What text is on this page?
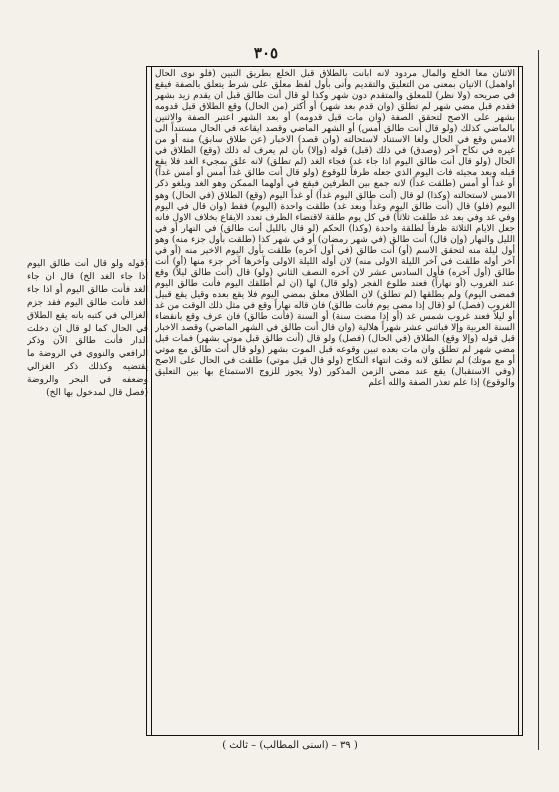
٣٠٥
(قوله ولو قال أنت طالق اليوم اذا جاء الغد الخ) قال ان جاء الغد فأنت طالق اليوم أو اذا جاء الغد فأنت طالق اليوم فقد جزم الغزالي في كتبه بانه يقع الطلاق في الحال كما لو قال ان دخلت الدار فأنت طالق الآن وذكر الرافعي والنووي في الروضة ما يقتضيه وكذلك ذكر الغزالي وضعفه في البحر والروضة (فصل قال لمدخول بها الخ)
الاثنان معاً الخلع والمال مردود لانه ابانت بالطلاق قبل الخلع بطريق التبين (فلو نوى الحال اواهمل) الاتيان بمعنى من التعليق والتقديم وأتى بأول لفظ معلق على شرط يتعلق بالصفة فيقع في صريحه (ولا نظر) للمعلق والمتقدم دون شهر وكذا لو قال أنت طالق قبل ان يقدم زيد بشهر فقدم قبل مضي شهر لم تطلق (وان قدم بعد شهر) أو أكثر (من الحال) وقع الطلاق قبل قدومه بشهر على الاصح لتحقق الصفة (وان مات قبل قدومه) أو بعد الشهر اعتبر الصفة والاثنين بالماضي كذلك (ولو قال أنت طالق أمس) أو الشهر الماضي وقصد ايقاعه في الحال مستنداً الى الامس وقع في الحال ولغا الاستناد لاستحالته (وان قصد) الاخبار (عن طلاق سابق) منه أو من غيره في نكاح آخر (وصدق) في ذلك (قبل) قوله (وإلا) بأن لم يعرف له ذلك (وقع) الطلاق في الحال (ولو قال أنت طالق اليوم اذا جاء غد) فجاء الغد (لم تطلق) لانه علق بمجيء الغد فلا يقع قبله وبعد مجيئه فات اليوم الذي جعله ظرفاً للوقوع (ولو قال أنت طالق غداً أمس أو أمس غداً) أو غداً أو أمس (طلقت غداً) لانه جمع بين الظرفين فيقع في أولهما الممكن وهو الغد ويلغو ذكر الامس لاستحالته (وكذا) لو قال (أنت طالق اليوم غداً) أو غداً اليوم (وقع) الطلاق (في الحال) وهو اليوم (فلو) قال (أنت طالق اليوم وغداً وبعد غد) طلقت واحدة (اليوم) فقط (وان قال في اليوم وفي غد وفي بعد غد طلقت ثلاثاً) في كل يوم طلقة لاقتضاء الظرف تعدد الايقاع بخلاف الاول فانه جعل الايام الثلاثة ظرفاً لطلقة واحدة (وكذا) الحكم (لو قال بالليل أنت طالق) في النهار أو في الليل والنهار (وإن قال) أنت طالق (في شهر رمضان) أو في شهر كذا (طلقت بأول جزء منه) وهو أول ليلة منه لتحقق الاسم (أو) أنت طالق (في أول آخره) طلقت بأول اليوم الاخير منه (أو في آخر أوله طلقت في آخر الليلة الاولى منه) لان أوله الليلة الاولى وآخرها آخر جزء منها (أو) أنت طالق (أول آخره) فأول السادس عشر لان آخره النصف الثاني (ولو) قال (أنت طالق ليلاً) وقع عند الغروب (أو نهاراً) فعند طلوع الفجر (ولو قال) لها (ان لم أطلقك اليوم فأنت طالق اليوم فمضى اليوم) ولم يطلقها (لم تطلق) لان الطلاق معلق بمضي اليوم فلا يقع بعده وقيل يقع قبيل الغروب (فصل) لو (قال إذا مضى يوم فأنت طالق) فان قاله نهاراً وقع في مثل ذلك الوقت من غد أو ليلاً فعند غروب شمس غد (أو إذا مضت سنة) أو السنة (فأنت طالق) فان عرف وقع بانقضاء السنة العربية وإلا فباثني عشر شهراً هلالية (وان قال أنت طالق في الشهر الماضي) وقصد الاخبار قبل قوله (وإلا وقع) الطلاق (في الحال) (فصل) ولو قال (أنت طالق قبل موتي بشهر) فمات قبل مضي شهر لم تطلق وان مات بعده تبين وقوعه قبل الموت بشهر (ولو قال أنت طالق مع موتي أو مع موتك) لم تطلق لانه وقت انتهاء النكاح (ولو قال قبل موتي) طلقت في الحال على الاصح (وفي الاستقبال) يقع عند مضي الزمن المذكور (ولا يجوز للزوج الاستمتاع بها بين التعليق والوقوع) إذا علم تعذر الصفة والله أعلم
( ٣٩ – (اسنى المطالب) – ثالث )
